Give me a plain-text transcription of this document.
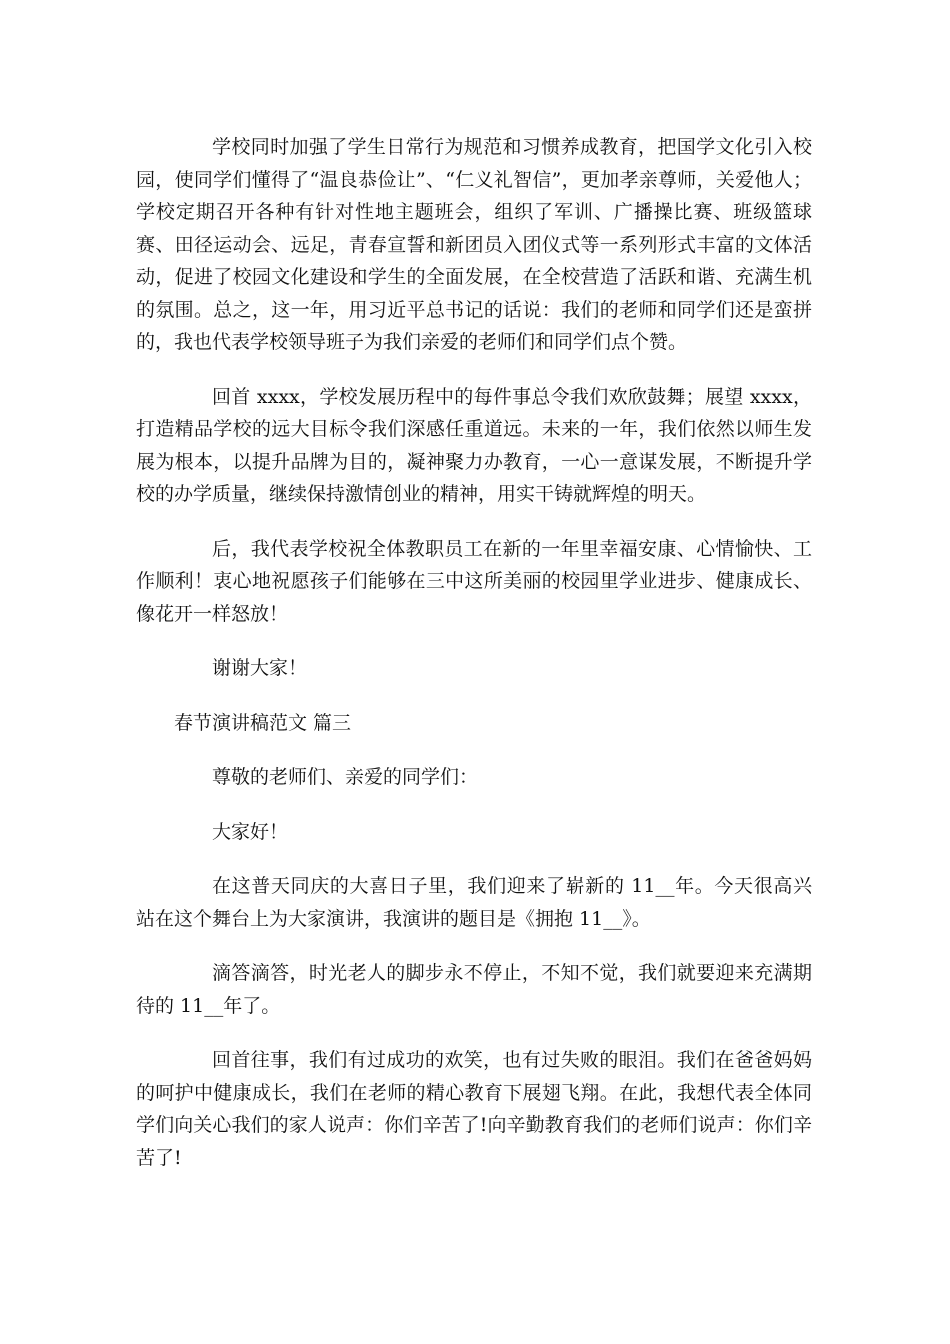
学校同时加强了学生日常行为规范和习惯养成教育，把国学文化引入校园，使同学们懂得了“温良恭俭让”、“仁义礼智信”，更加孝亲尊师，关爱他人；学校定期召开各种有针对性地主题班会，组织了军训、广播操比赛、班级篮球赛、田径运动会、远足，青春宣誓和新团员入团仪式等一系列形式丰富的文体活动，促进了校园文化建设和学生的全面发展，在全校营造了活跃和谐、充满生机的氛围。总之，这一年，用习近平总书记的话说：我们的老师和同学们还是蛮拼的，我也代表学校领导班子为我们亲爱的老师们和同学们点个赞。

回首 xxxx，学校发展历程中的每件事总令我们欢欣鼓舞；展望 xxxx，打造精品学校的远大目标令我们深感任重道远。未来的一年，我们依然以师生发展为根本，以提升品牌为目的，凝神聚力办教育，一心一意谋发展，不断提升学校的办学质量，继续保持激情创业的精神，用实干铸就辉煌的明天。

后，我代表学校祝全体教职员工在新的一年里幸福安康、心情愉快、工作顺利！衷心地祝愿孩子们能够在三中这所美丽的校园里学业进步、健康成长、像花开一样怒放！

谢谢大家！

春节演讲稿范文 篇三

尊敬的老师们、亲爱的同学们：

大家好！

在这普天同庆的大喜日子里，我们迎来了崭新的 11__年。今天很高兴站在这个舞台上为大家演讲，我演讲的题目是《拥抱 11__》。

滴答滴答，时光老人的脚步永不停止，不知不觉，我们就要迎来充满期待的 11__年了。

回首往事，我们有过成功的欢笑，也有过失败的眼泪。我们在爸爸妈妈的呵护中健康成长，我们在老师的精心教育下展翅飞翔。在此，我想代表全体同学们向关心我们的家人说声：你们辛苦了!向辛勤教育我们的老师们说声：你们辛苦了!
